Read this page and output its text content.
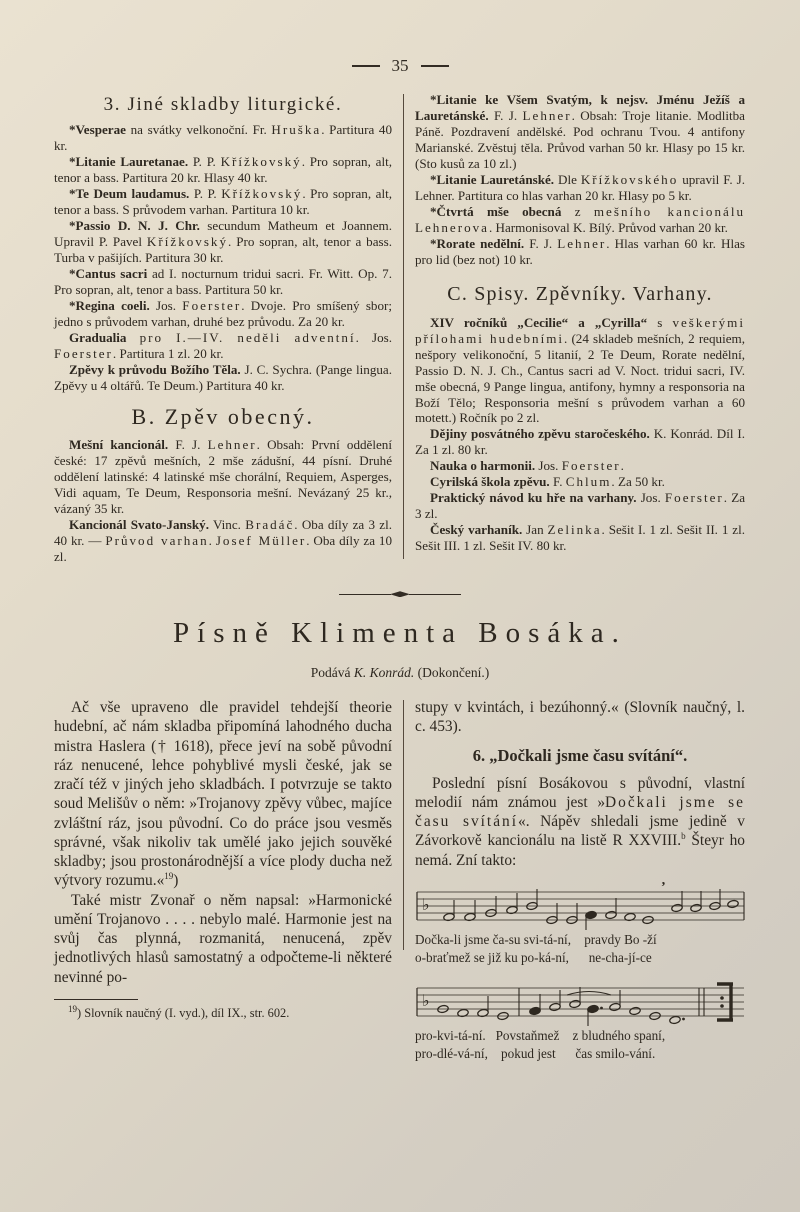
35
3. Jiné skladby liturgické.

*Vesperae na svátky velkonoční. Fr. Hruška. Partitura 40 kr.

*Litanie Lauretanae. P. P. Křížkovský. Pro sopran, alt, tenor a bass. Partitura 20 kr. Hlasy 40 kr.

*Te Deum laudamus. P. P. Křížkovský. Pro sopran, alt, tenor a bass. S průvodem varhan. Partitura 10 kr.

*Passio D. N. J. Chr. secundum Matheum et Joannem. Upravil P. Pavel Křížkovský. Pro sopran, alt, tenor a bass. Turba v pašijích. Partitura 30 kr.

*Cantus sacri ad I. nocturnum tridui sacri. Fr. Witt. Op. 7. Pro sopran, alt, tenor a bass. Partitura 50 kr.

*Regina coeli. Jos. Foerster. Dvoje. Pro smíšený sbor; jedno s průvodem varhan, druhé bez průvodu. Za 20 kr.

Gradualia pro I.—IV. neděli adventní. Jos. Foerster. Partitura 1 zl. 20 kr.

Zpěvy k průvodu Božího Těla. J. C. Sychra. (Pange lingua. Zpěvy u 4 oltářů. Te Deum.) Partitura 40 kr.

B. Zpěv obecný.

Mešní kancionál. F. J. Lehner. Obsah: První oddělení české: 17 zpěvů mešních, 2 mše zádušní, 44 písní. Druhé oddělení latinské: 4 latinské mše chorální, Requiem, Asperges, Vidi aquam, Te Deum, Responsoria mešní. Nevázaný 25 kr., vázaný 35 kr.

Kancionál Svato-Janský. Vinc. Bradáč. Oba díly za 3 zl. 40 kr. — Průvod varhan. Josef Müller. Oba díly za 10 zl.

*Litanie ke Všem Svatým, k nejsv. Jménu Ježíš a Lauretánské. F. J. Lehner. Obsah: Troje litanie. Modlitba Páně. Pozdravení andělské. Pod ochranu Tvou. 4 antifony Marianské. Zvěstuj těla. Průvod varhan 50 kr. Hlasy po 15 kr. (Sto kusů za 10 zl.)

*Litanie Lauretánské. Dle Křížkovského upravil F. J. Lehner. Partitura co hlas varhan 20 kr. Hlasy po 5 kr.

*Čtvrtá mše obecná z mešního kancionálu Lehnerova. Harmonisoval K. Bílý. Průvod varhan 20 kr.

*Rorate nedělní. F. J. Lehner. Hlas varhan 60 kr. Hlas pro lid (bez not) 10 kr.

C. Spisy. Zpěvníky. Varhany.

XIV ročníků „Cecilie“ a „Cyrilla“ s veškerými přílohami hudebními. (24 skladeb mešních, 2 requiem, nešpory velikonoční, 5 litanií, 2 Te Deum, Rorate nedělní, Passio D. N. J. Ch., Cantus sacri ad V. Noct. tridui sacri, IV. mše obecná, 9 Pange lingua, antifony, hymny a responsoria na Boží Tělo; Responsoria mešní s průvodem varhan a 60 motett.) Ročník po 2 zl.

Dějiny posvátného zpěvu staročeského. K. Konrád. Díl I. Za 1 zl. 80 kr.

Nauka o harmonii. Jos. Foerster.

Cyrilská škola zpěvu. F. Chlum. Za 50 kr.

Praktický návod ku hře na varhany. Jos. Foerster. Za 3 zl.

Český varhaník. Jan Zelinka. Sešit I. 1 zl. Sešit II. 1 zl. Sešit III. 1 zl. Sešit IV. 80 kr.

Písně Klimenta Bosáka.

Podává K. Konrád. (Dokončení.)

Ač vše upraveno dle pravidel tehdejší theorie hudební, ač nám skladba připomíná lahodného ducha mistra Haslera († 1618), přece jeví na sobě původní ráz nenucené, lehce pohyblivé mysli české, jak se zračí též v jiných jeho skladbách. I potvrzuje se takto soud Melišův o něm: »Trojanovy zpěvy vůbec, majíce zvláštní ráz, jsou původní. Co do práce jsou vesměs správné, však nikoliv tak umělé jako jejich souvěké skladby; jsou prostonárodnější a více plody ducha než výtvory rozumu.«$^{19}$)

Také mistr Zvonař o něm napsal: »Harmonické umění Trojanovo . . . . nebylo malé. Harmonie jest na svůj čas plynná, rozmanitá, nenucená, zpěv jednotlivých hlasů samostatný a odpočteme-li některé nevinné po-

$^{19}$) Slovník naučný (I. vyd.), díl IX., str. 602.

stupy v kvintách, i bezúhonný.« (Slovník naučný, l. c. 453).

6. „Dočkali jsme času svítání“.

Poslední písní Bosákovou s původní, vlastní melodií nám známou jest »Dočkali jsme se času svítání«. Nápěv shledali jsme jedině v Závorkově kancionálu na listě R XXVIII.$^b$ Šteyr ho nemá. Zní takto:

♭
’
Dočka-li jsme ča-su svi-tá-ní,    pravdy Bo -ží
o-braťmež se již ku po-ká-ní,      ne-cha-jí-ce
♭
pro-kvi-tá-ní.   Povstaňmež    z bludného spaní,
pro-dlé-vá-ní,    pokud jest      čas smilo-vání.
